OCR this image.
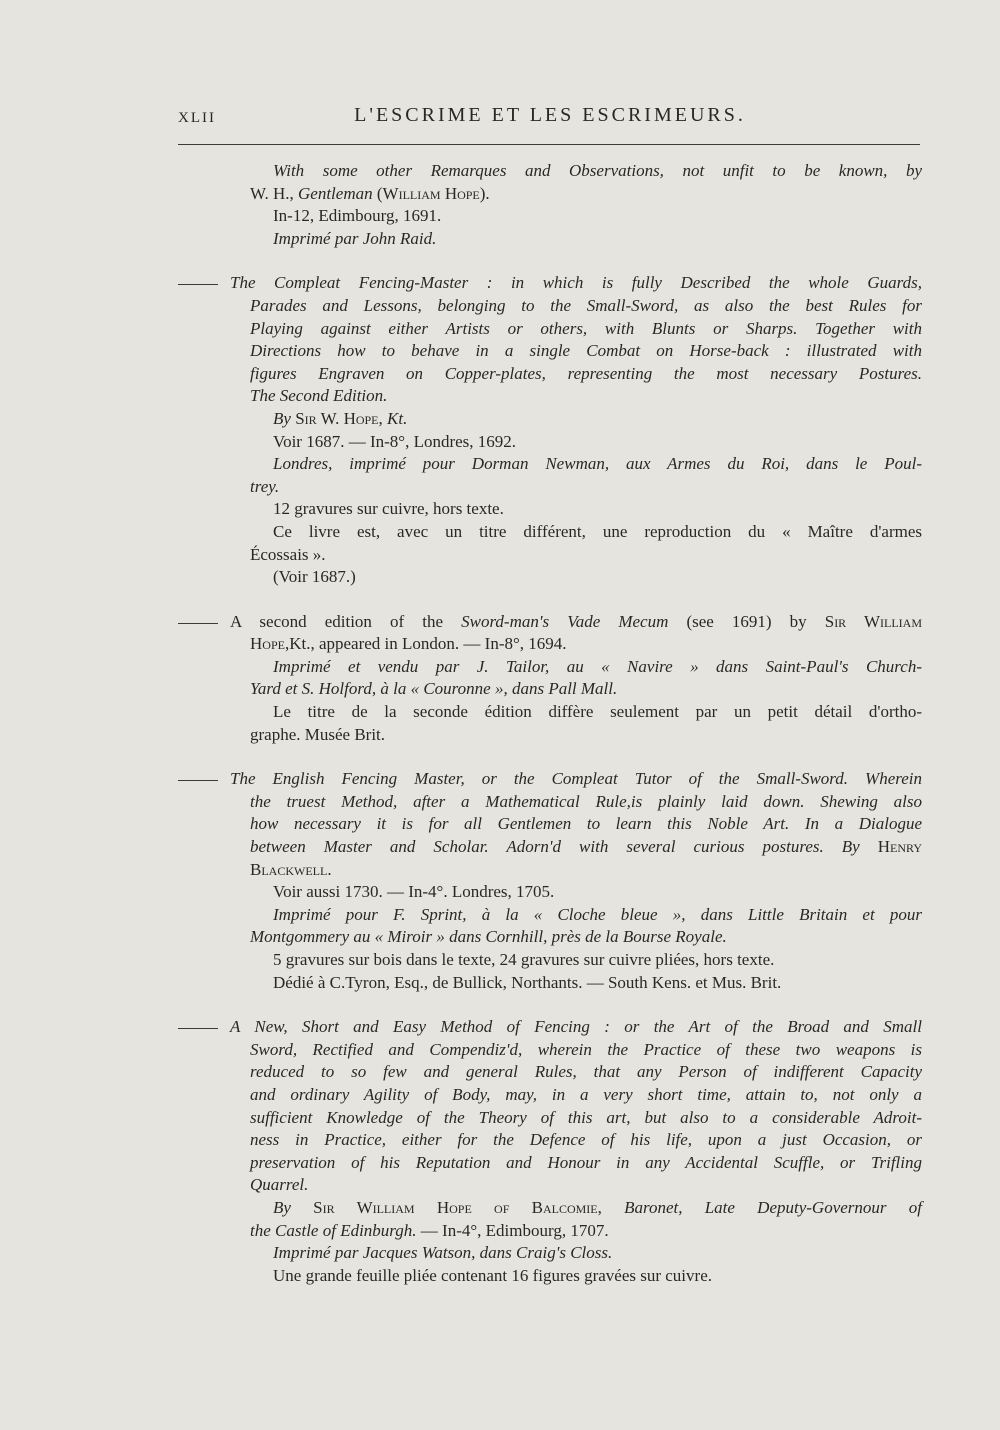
XLII	L'ESCRIME ET LES ESCRIMEURS.
With some other Remarques and Observations, not unfit to be known, by
W. H., Gentleman (William Hope).
In-12, Edimbourg, 1691.
Imprimé par John Raid.
The Compleat Fencing-Master : in which is fully Described the whole Guards,
Parades and Lessons, belonging to the Small-Sword, as also the best Rules for
Playing against either Artists or others, with Blunts or Sharps. Together with
Directions how to behave in a single Combat on Horse-back : illustrated with
figures Engraven on Copper-plates, representing the most necessary Postures.
The Second Edition.
By Sir W. Hope, Kt.
Voir 1687. — In-8°, Londres, 1692.
Londres, imprimé pour Dorman Newman, aux Armes du Roi, dans le Poul-
trey.
12 gravures sur cuivre, hors texte.
Ce livre est, avec un titre différent, une reproduction du « Maître d'armes
Écossais ».
(Voir 1687.)
A second edition of the Sword-man's Vade Mecum (see 1691) by Sir William
Hope,Kt., appeared in London. — In-8°, 1694.
Imprimé et vendu par J. Tailor, au « Navire » dans Saint-Paul's Church-
Yard et S. Holford, à la « Couronne », dans Pall Mall.
Le titre de la seconde édition diffère seulement par un petit détail d'ortho-
graphe. Musée Brit.
The English Fencing Master, or the Compleat Tutor of the Small-Sword. Wherein
the truest Method, after a Mathematical Rule,is plainly laid down. Shewing also
how necessary it is for all Gentlemen to learn this Noble Art. In a Dialogue
between Master and Scholar. Adorn'd with several curious postures. By Henry
Blackwell.
Voir aussi 1730. — In-4°. Londres, 1705.
Imprimé pour F. Sprint, à la « Cloche bleue », dans Little Britain et pour
Montgommery au « Miroir » dans Cornhill, près de la Bourse Royale.
5 gravures sur bois dans le texte, 24 gravures sur cuivre pliées, hors texte.
Dédié à C.Tyron, Esq., de Bullick, Northants. — South Kens. et Mus. Brit.
A New, Short and Easy Method of Fencing : or the Art of the Broad and Small
Sword, Rectified and Compendiz'd, wherein the Practice of these two weapons is
reduced to so few and general Rules, that any Person of indifferent Capacity
and ordinary Agility of Body, may, in a very short time, attain to, not only a
sufficient Knowledge of the Theory of this art, but also to a considerable Adroit-
ness in Practice, either for the Defence of his life, upon a just Occasion, or
preservation of his Reputation and Honour in any Accidental Scuffle, or Trifling
Quarrel.
By Sir William Hope of Balcomie, Baronet, Late Deputy-Governour of
the Castle of Edinburgh. — In-4°, Edimbourg, 1707.
Imprimé par Jacques Watson, dans Craig's Closs.
Une grande feuille pliée contenant 16 figures gravées sur cuivre.
